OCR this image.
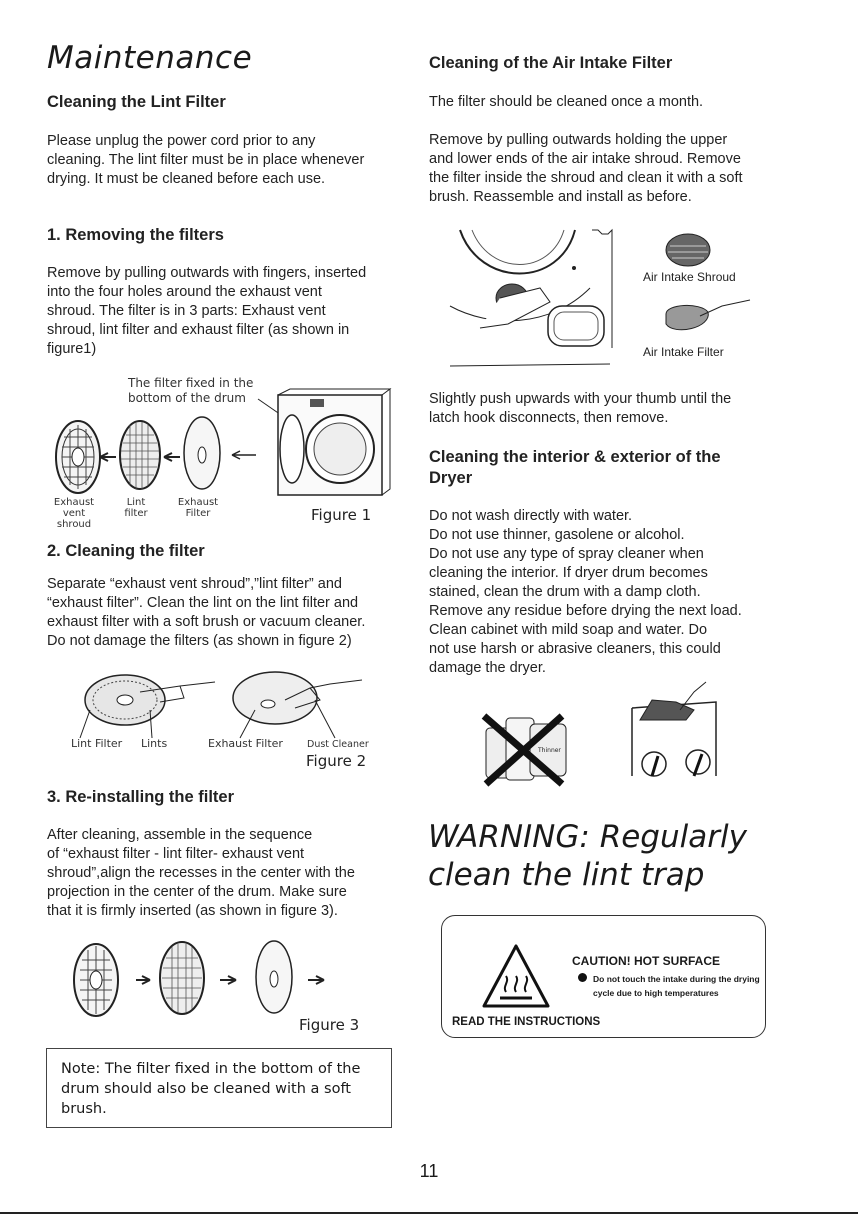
Maintenance
Cleaning the Lint Filter
Please unplug the power cord prior to any
cleaning. The lint filter must be in place whenever
drying. It must be cleaned before each use.
1. Removing the filters
Remove by pulling outwards with fingers, inserted
into the four holes around the exhaust vent
shroud. The filter is in 3 parts: Exhaust vent
shroud, lint filter and exhaust filter (as shown in
figure1)
The filter fixed in the
bottom of the drum
Exhaust
vent shroud
Lint
filter
Exhaust
Filter	Figure 1
2. Cleaning the filter
Separate “exhaust vent shroud”,”lint filter” and
“exhaust filter”. Clean the lint on the lint filter and
exhaust filter with a soft brush or vacuum cleaner.
Do not damage the filters (as shown in figure 2)
Lint Filter Lints	Exhaust Filter	Dust Cleaner
Figure 2
3. Re-installing the filter
After cleaning, assemble in the sequence
of “exhaust filter - lint filter- exhaust vent
shroud”,align the recesses in the center with the
projection in the center of the drum. Make sure
that it is firmly inserted (as shown in figure 3).
Figure 3
Note: The ﬁlter ﬁxed in the bottom of the
drum should also be cleaned with a soft
brush.
Cleaning of the Air Intake Filter
The filter should be cleaned once a month.
Remove by pulling outwards holding the upper
and lower ends of the air intake shroud. Remove
the filter inside the shroud and clean it with a soft
brush. Reassemble and install as before.
Air Intake Shroud
Air Intake Filter
Slightly push upwards with your thumb until the
latch hook disconnects, then remove.
Cleaning the interior & exterior of the
Dryer
Do not wash directly with water.
Do not use thinner, gasolene or alcohol.
Do not use any type of spray cleaner when
cleaning the interior. If dryer drum becomes
stained, clean the drum with a damp cloth.
Remove any residue before drying the next load.
Clean cabinet with mild soap and water. Do
not use harsh or abrasive cleaners, this could
damage the dryer.
Thinner
WARNING: Regularly
clean the lint trap
CAUTION! HOT SURFACE
Do not touch the intake during the drying
cycle due to high temperatures
READ THE INSTRUCTIONS
11
